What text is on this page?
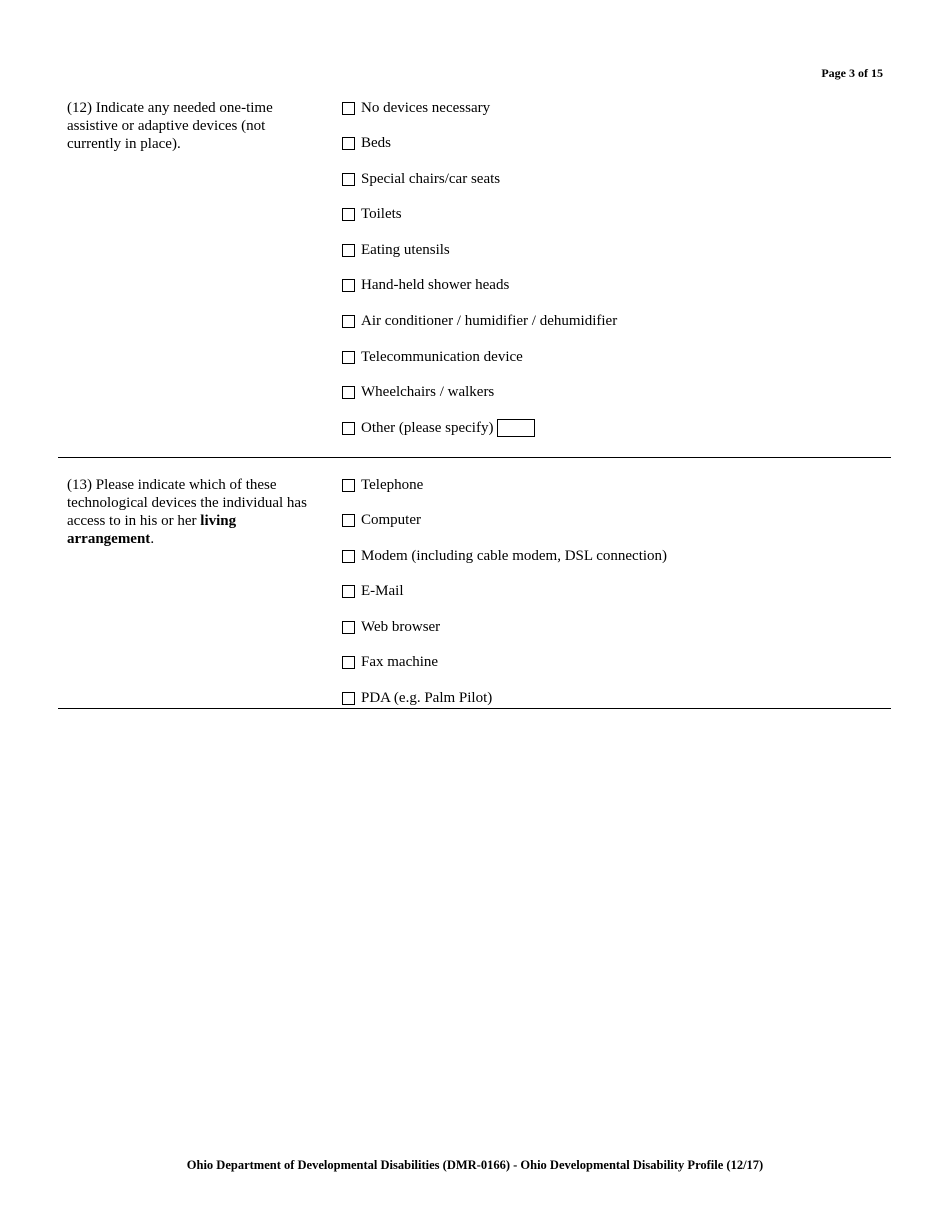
Page 3 of 15
(12) Indicate any needed one-time assistive or adaptive devices (not currently in place).
No devices necessary
Beds
Special chairs/car seats
Toilets
Eating utensils
Hand-held shower heads
Air conditioner / humidifier / dehumidifier
Telecommunication device
Wheelchairs / walkers
Other (please specify)
(13) Please indicate which of these technological devices the individual has access to in his or her living arrangement.
Telephone
Computer
Modem (including cable modem, DSL connection)
E-Mail
Web browser
Fax machine
PDA (e.g. Palm Pilot)
Ohio Department of Developmental Disabilities (DMR-0166) - Ohio Developmental Disability Profile (12/17)
